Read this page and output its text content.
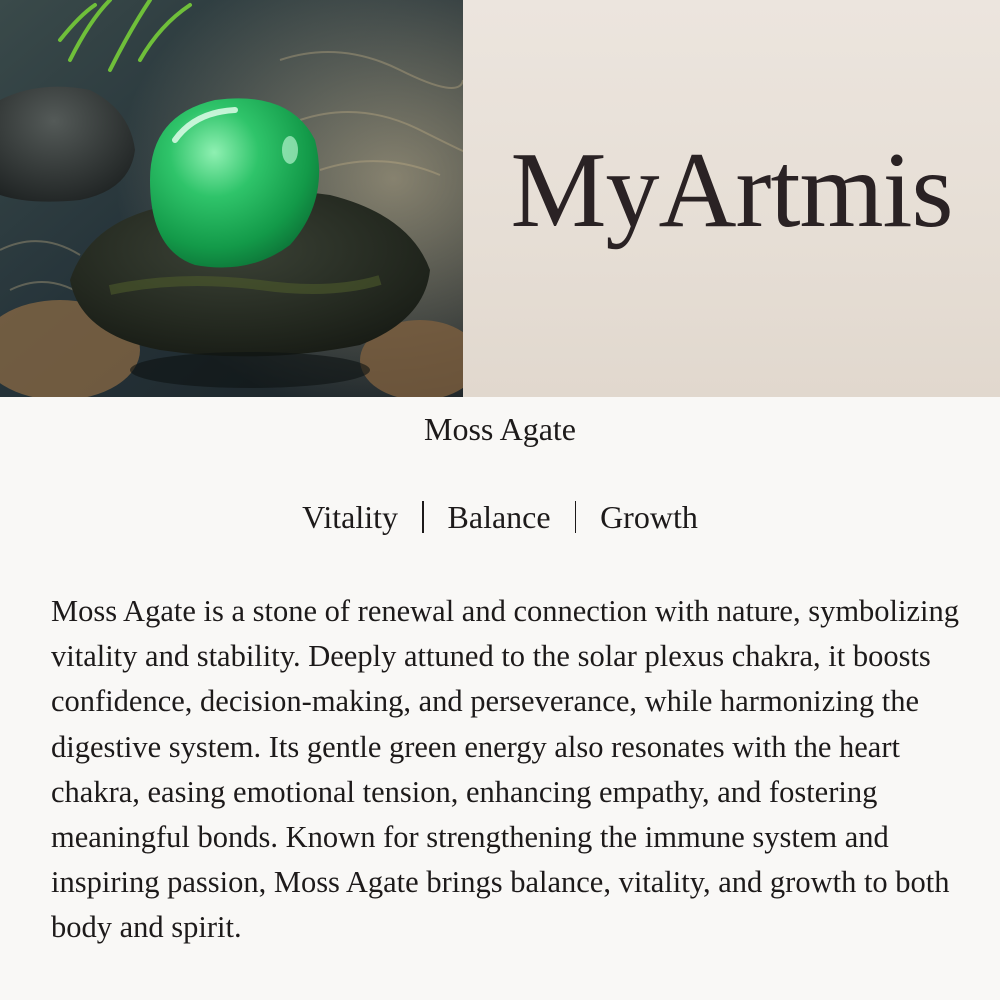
MyArtmis
Moss Agate
Vitality Balance Growth

Moss Agate is a stone of renewal and connection with nature, symbolizing vitality and stability. Deeply attuned to the solar plexus chakra, it boosts confidence, decision-making, and perseverance, while harmonizing the digestive system. Its gentle green energy also resonates with the heart chakra, easing emotional tension, enhancing empathy, and fostering meaningful bonds. Known for strengthening the immune system and inspiring passion, Moss Agate brings balance, vitality, and growth to both body and spirit.
